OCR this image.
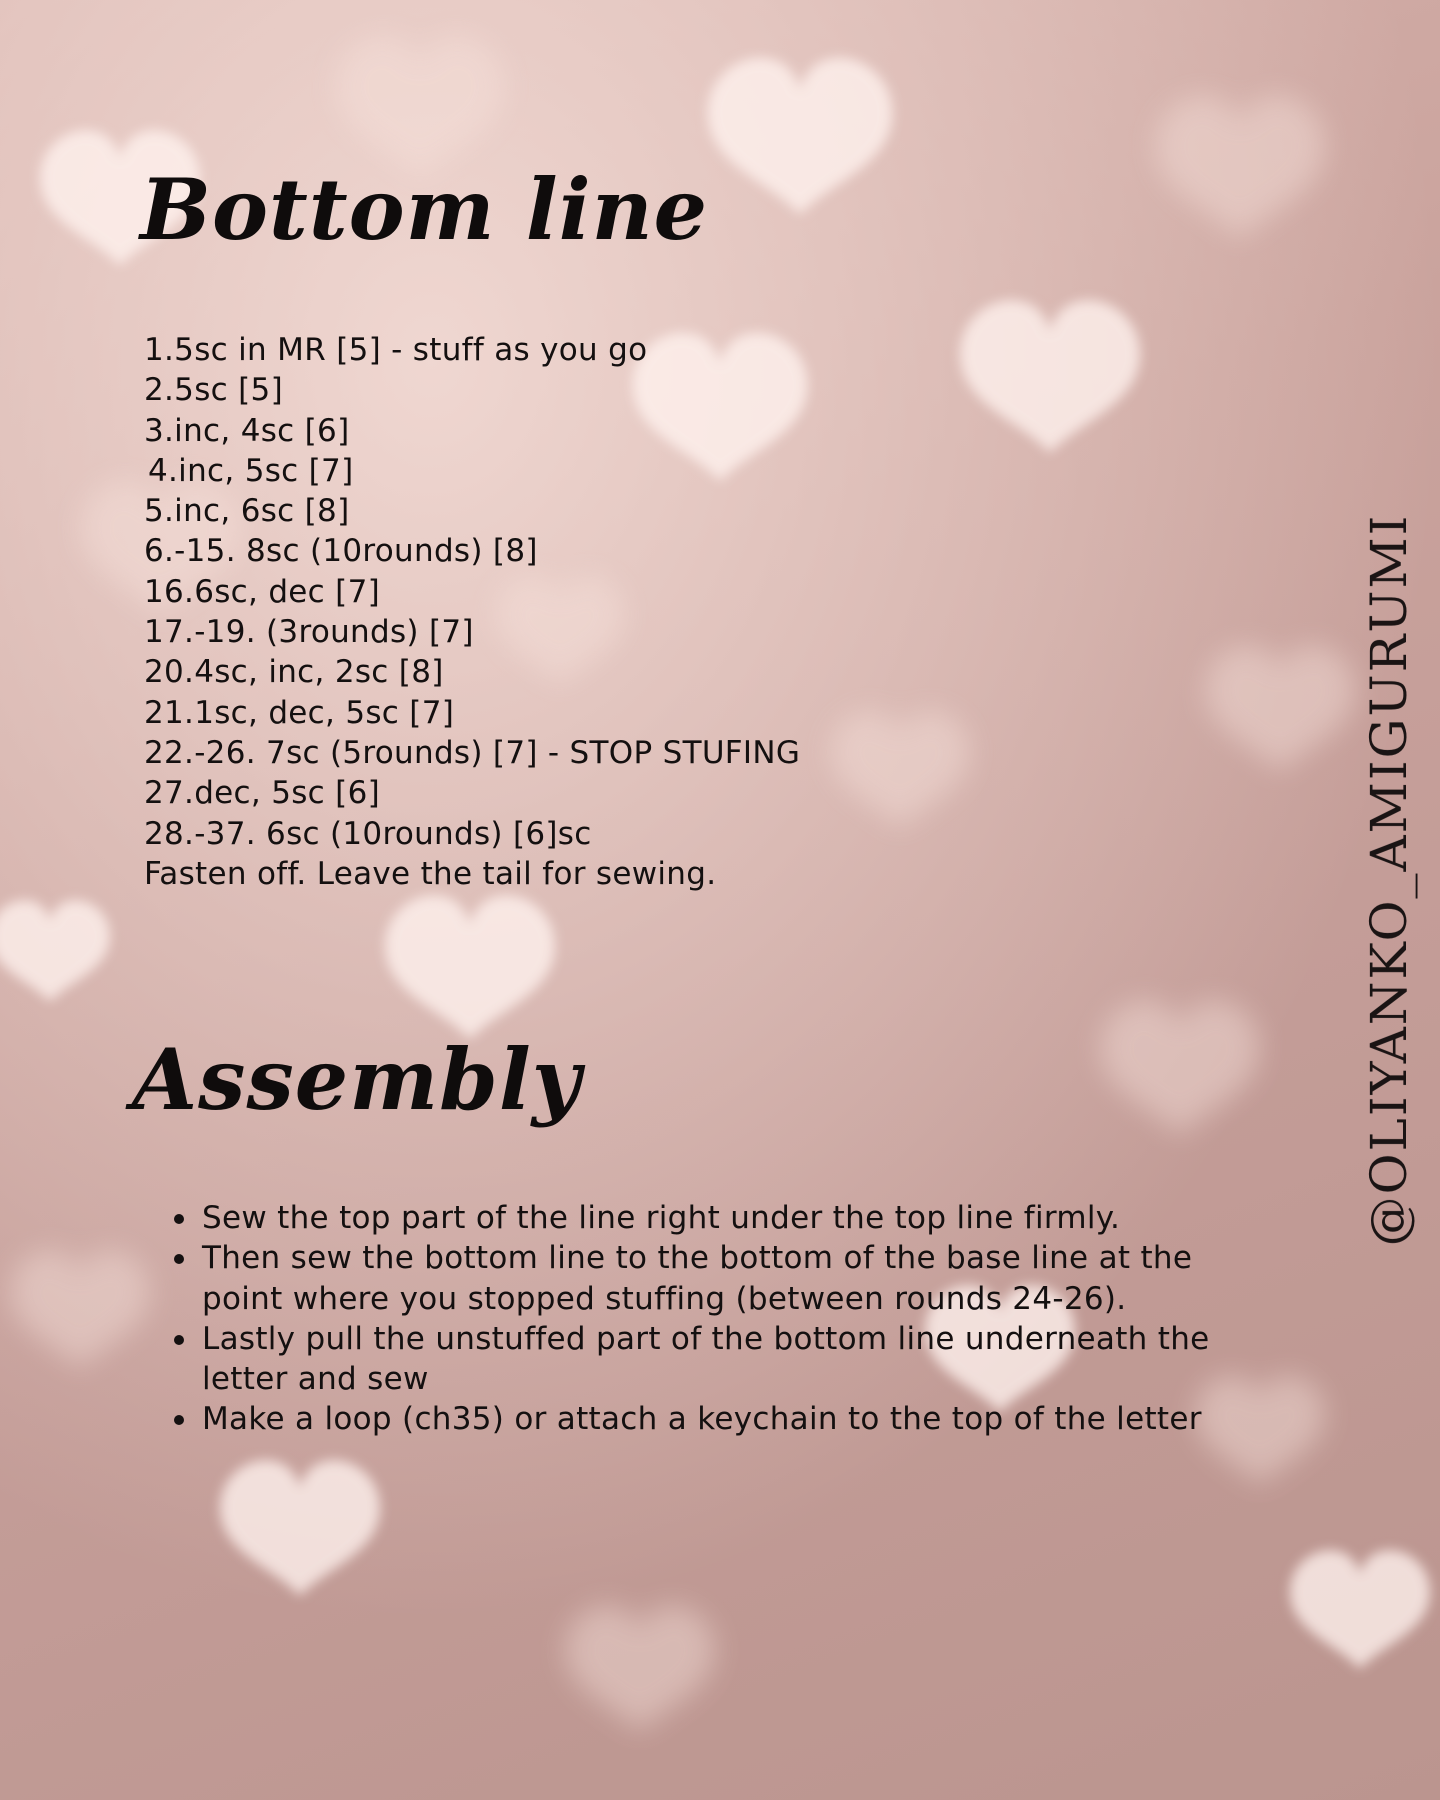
Bottom line
1.5sc in MR [5] - stuff as you go
2.5sc [5]
3.inc, 4sc [6]
4.inc, 5sc [7]
5.inc, 6sc [8]
6.-15. 8sc (10rounds) [8]
16.6sc, dec [7]
17.-19. (3rounds) [7]
20.4sc, inc, 2sc [8]
21.1sc, dec, 5sc [7]
22.-26. 7sc (5rounds) [7] - STOP STUFING
27.dec, 5sc [6]
28.-37. 6sc (10rounds) [6]sc
Fasten off. Leave the tail for sewing.
Assembly
Sew the top part of the line right under the top line firmly.
Then sew the bottom line to the bottom of the base line at the point where you stopped stuffing (between rounds 24-26).
Lastly pull the unstuffed part of the bottom line underneath the letter and sew
Make a loop (ch35) or attach a keychain to the top of the letter
@OLIYANKO_AMIGURUMI
